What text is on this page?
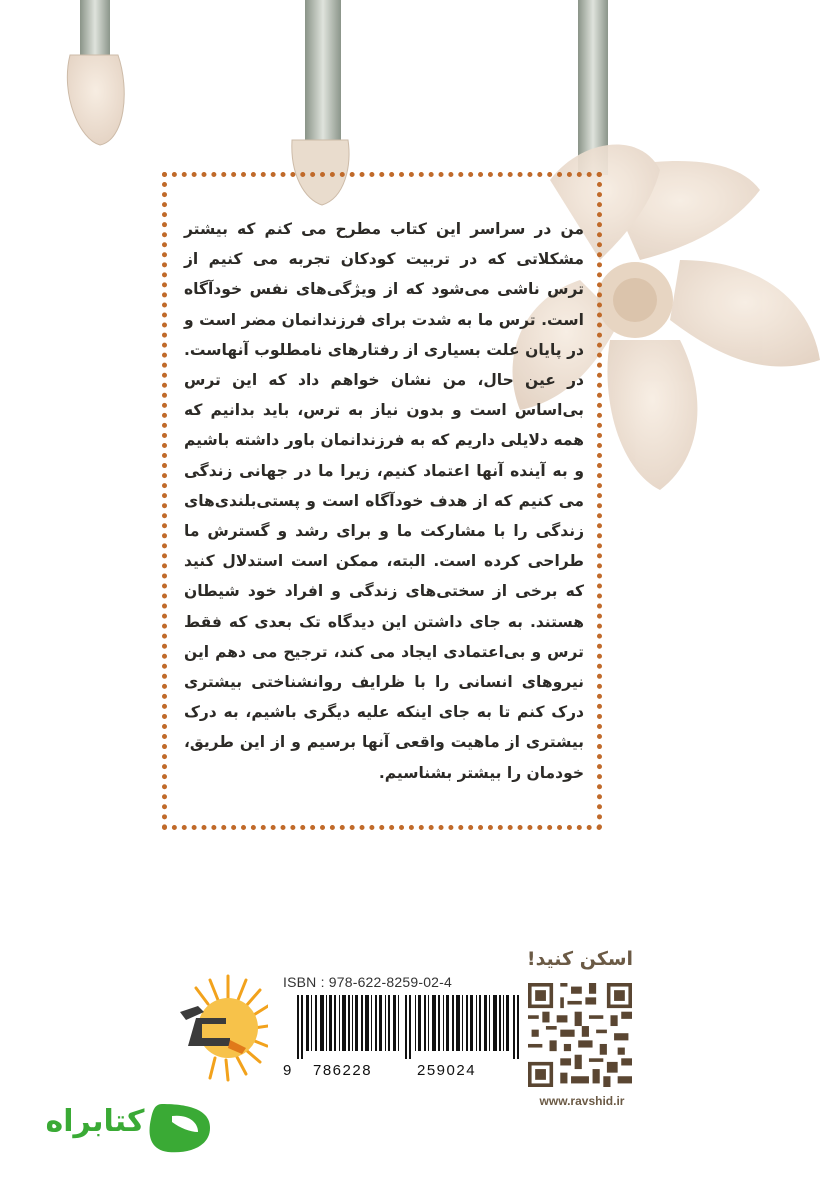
من در سراسر این کتاب مطرح می کنم که بیشتر مشکلاتی که در تربیت کودکان تجربه می کنیم از ترس ناشی می‌شود که از ویژگی‌های نفس خودآگاه است. ترس ما به شدت برای فرزندانمان مضر است و در پایان علت بسیاری از رفتارهای نامطلوب آنهاست. در عین حال، من نشان خواهم داد که این ترس بی‌اساس است و بدون نیاز به ترس، باید بدانیم که همه دلایلی داریم که به فرزندانمان باور داشته باشیم و به آینده آنها اعتماد کنیم، زیرا ما در جهانی زندگی می کنیم که از هدف خودآگاه است و پستی‌بلندی‌های زندگی را با مشارکت ما و برای رشد و گسترش ما طراحی کرده است. البته، ممکن است استدلال کنید که برخی از سختی‌های زندگی و افراد خود شیطان هستند. به جای داشتن این دیدگاه تک بعدی که فقط ترس و بی‌اعتمادی ایجاد می کند، ترجیح می دهم این نیروهای انسانی را با ظرایف روانشناختی بیشتری درک کنم تا به جای اینکه علیه دیگری باشیم، به درک بیشتری از ماهیت واقعی آنها برسیم و از این طریق، خودمان را بیشتر بشناسیم.
اسکن کنید!
www.ravshid.ir
ISBN : 978-622-8259-02-4
9 786228	259024
کتابراه
